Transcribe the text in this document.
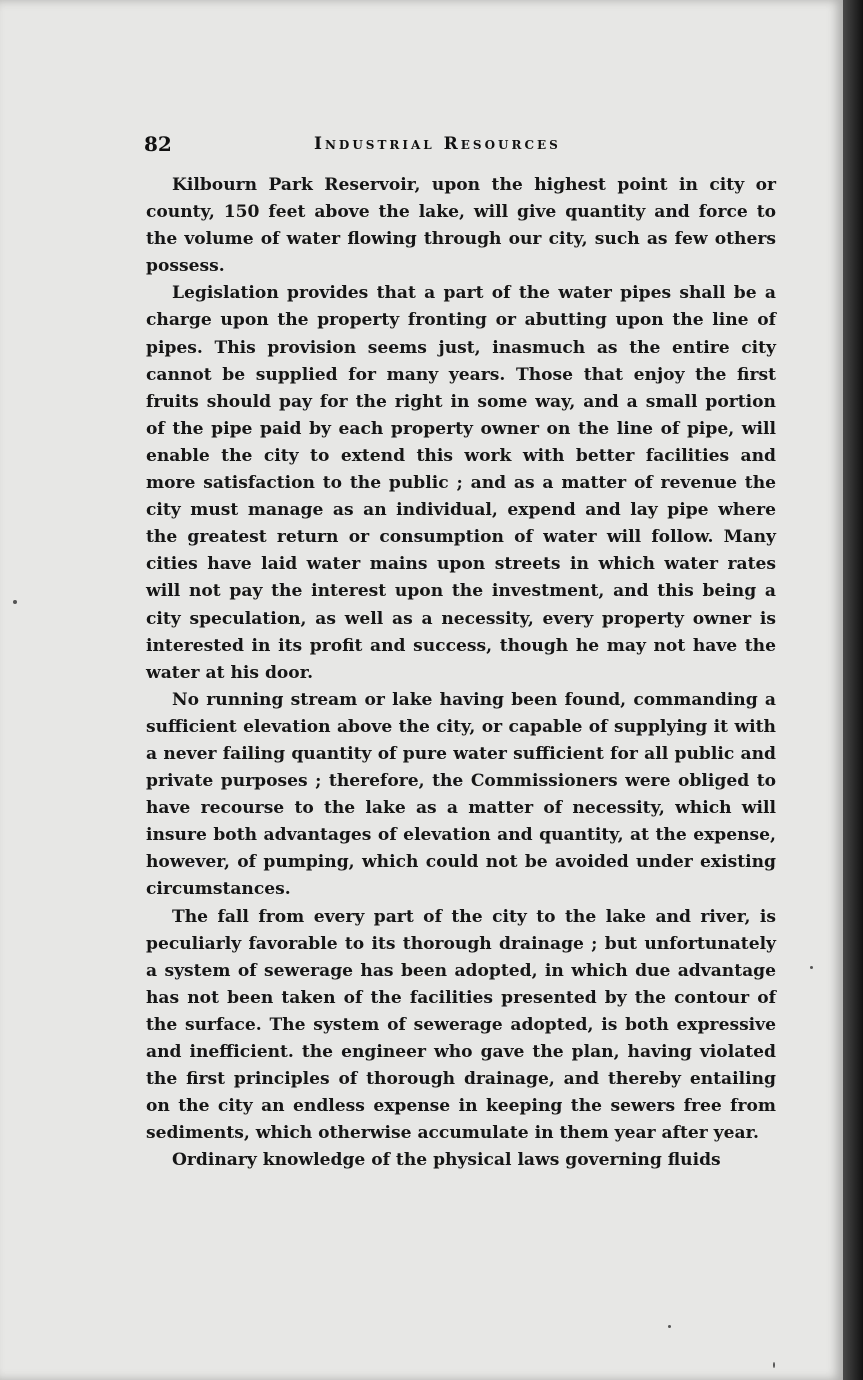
82	Industrial Resources

Kilbourn Park Reservoir, upon the highest point in city or county, 150 feet above the lake, will give quantity and force to the volume of water flowing through our city, such as few others possess.

Legislation provides that a part of the water pipes shall be a charge upon the property fronting or abutting upon the line of pipes. This provision seems just, inasmuch as the entire city cannot be supplied for many years. Those that enjoy the first fruits should pay for the right in some way, and a small portion of the pipe paid by each property owner on the line of pipe, will enable the city to extend this work with better facilities and more satisfaction to the public ; and as a matter of revenue the city must manage as an individual, expend and lay pipe where the greatest return or consumption of water will follow. Many cities have laid water mains upon streets in which water rates will not pay the interest upon the investment, and this being a city speculation, as well as a necessity, every property owner is interested in its profit and success, though he may not have the water at his door.

No running stream or lake having been found, commanding a sufficient elevation above the city, or capable of supplying it with a never failing quantity of pure water sufficient for all public and private purposes ; therefore, the Commissioners were obliged to have recourse to the lake as a matter of necessity, which will insure both advantages of elevation and quantity, at the expense, however, of pumping, which could not be avoided under existing circumstances.

The fall from every part of the city to the lake and river, is peculiarly favorable to its thorough drainage ; but unfortunately a system of sewerage has been adopted, in which due advantage has not been taken of the facilities presented by the contour of the surface. The system of sewerage adopted, is both expressive and inefficient. the engineer who gave the plan, having violated the first principles of thorough drainage, and thereby entailing on the city an endless expense in keeping the sewers free from sediments, which otherwise accumulate in them year after year.

Ordinary knowledge of the physical laws governing fluids
